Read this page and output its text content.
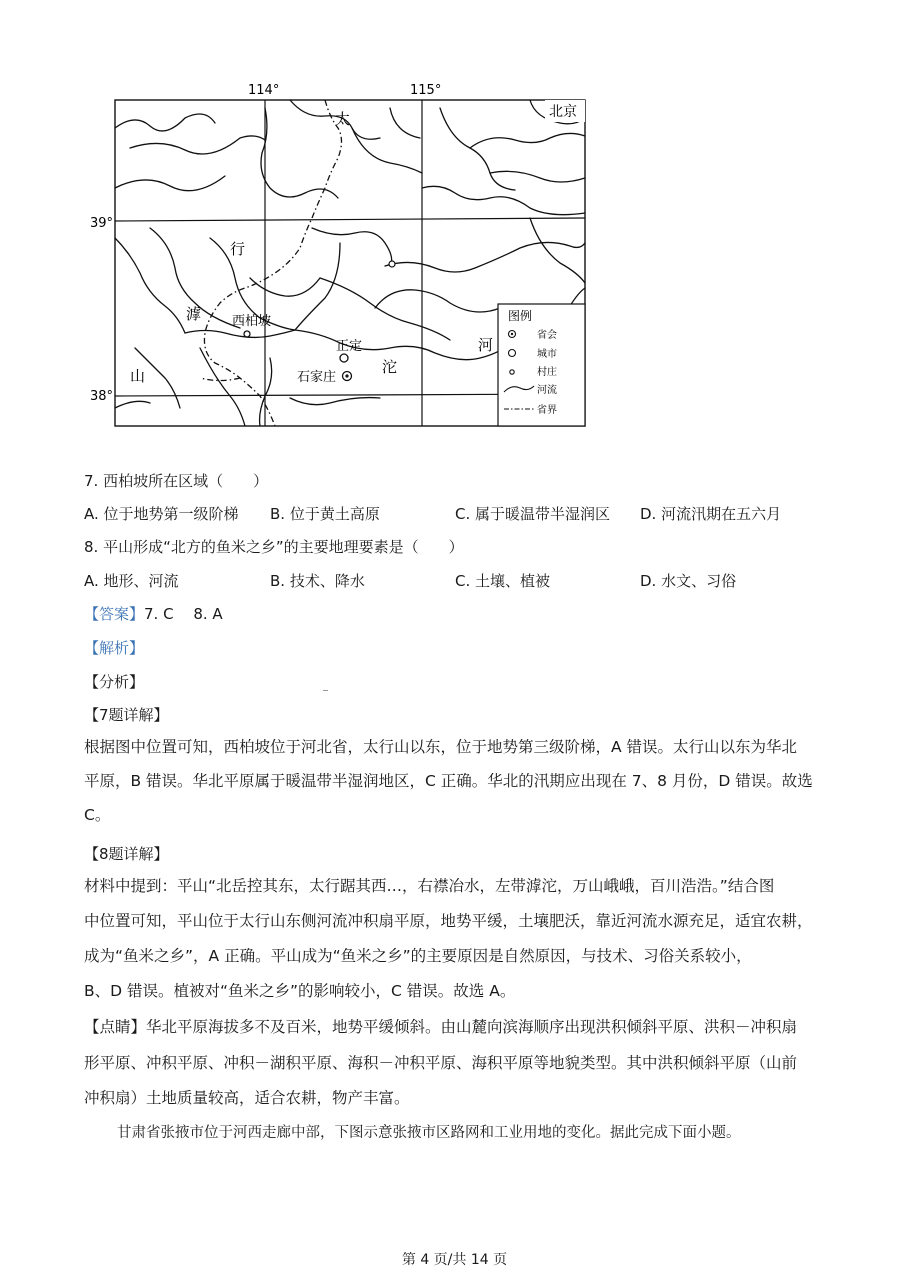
114°	115°
39°
38°
北京
太
行
滹
山	沱
河
西柏坡
正定
石家庄
图例
省会
城市
村庄
河流
省界
7. 西柏坡所在区域（　　）
A. 位于地势第一级阶梯 B. 位于黄土高原	C. 属于暖温带半湿润区 D. 河流汛期在五六月
8. 平山形成“北方的鱼米之乡”的主要地理要素是（　　）
A. 地形、河流	B. 技术、降水	C. 土壤、植被	D. 水文、习俗
【答案】7. C　 8. A
【解析】
【分析】
【7题详解】
根据图中位置可知，西柏坡位于河北省，太行山以东，位于地势第三级阶梯，A 错误。太行山以东为华北
平原，B 错误。华北平原属于暖温带半湿润地区，C 正确。华北的汛期应出现在 7、8 月份，D 错误。故选
C。
【8题详解】
材料中提到：平山“北岳控其东，太行踞其西…，右襟冶水，左带滹沱，万山峨峨，百川浩浩。”结合图
中位置可知，平山位于太行山东侧河流冲积扇平原，地势平缓，土壤肥沃，靠近河流水源充足，适宜农耕，
成为“鱼米之乡”，A 正确。平山成为“鱼米之乡”的主要原因是自然原因，与技术、习俗关系较小，
B、D 错误。植被对“鱼米之乡”的影响较小，C 错误。故选 A。
【点睛】华北平原海拔多不及百米，地势平缓倾斜。由山麓向滨海顺序出现洪积倾斜平原、洪积－冲积扇
形平原、冲积平原、冲积－湖积平原、海积－冲积平原、海积平原等地貌类型。其中洪积倾斜平原（山前
冲积扇）土地质量较高，适合农耕，物产丰富。
甘肃省张掖市位于河西走廊中部，下图示意张掖市区路网和工业用地的变化。据此完成下面小题。
第 4 页/共 14 页
